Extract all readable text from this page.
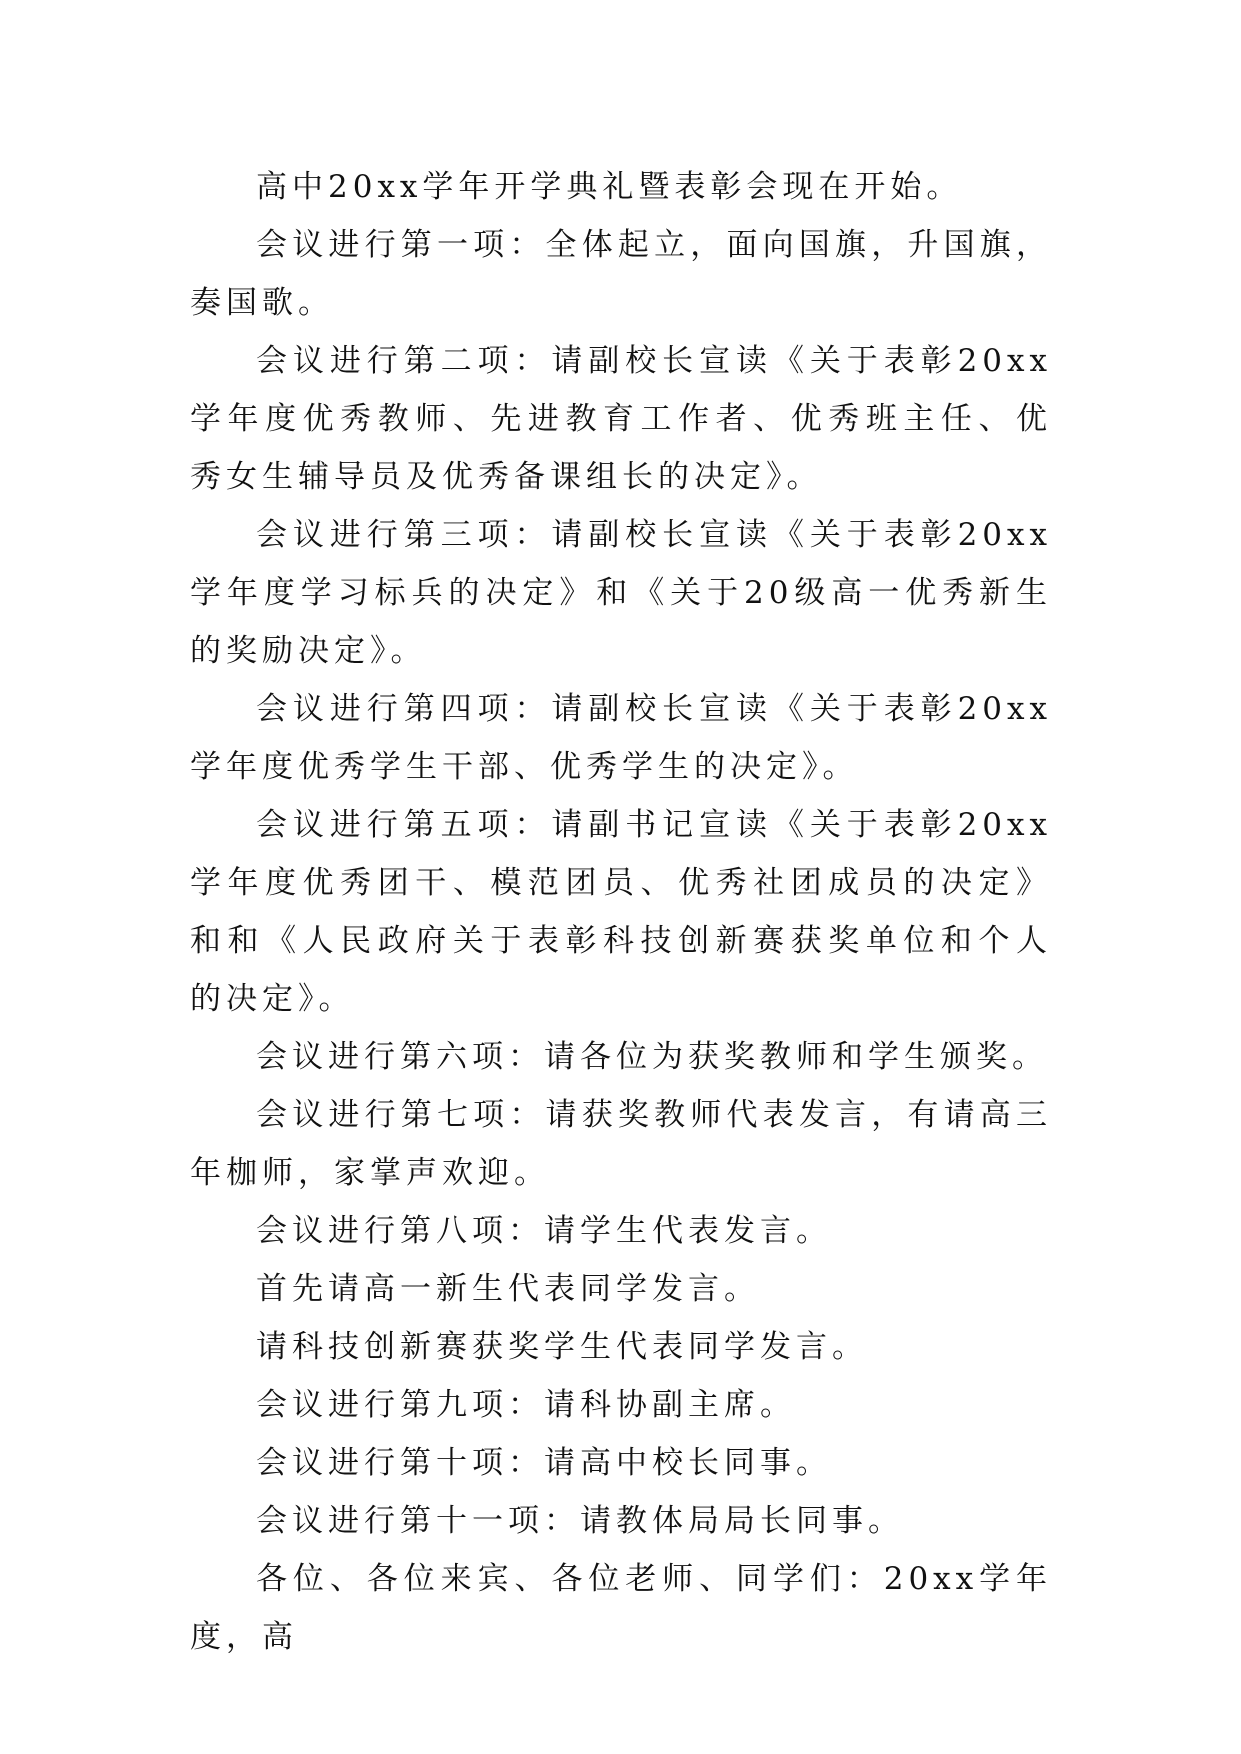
高中20xx学年开学典礼暨表彰会现在开始。

会议进行第一项：全体起立，面向国旗，升国旗，奏国歌。

会议进行第二项：请副校长宣读《关于表彰20xx学年度优秀教师、先进教育工作者、优秀班主任、优秀女生辅导员及优秀备课组长的决定》。

会议进行第三项：请副校长宣读《关于表彰20xx学年度学习标兵的决定》和《关于20级高一优秀新生的奖励决定》。

会议进行第四项：请副校长宣读《关于表彰20xx学年度优秀学生干部、优秀学生的决定》。

会议进行第五项：请副书记宣读《关于表彰20xx学年度优秀团干、模范团员、优秀社团成员的决定》和和《人民政府关于表彰科技创新赛获奖单位和个人的决定》。

会议进行第六项：请各位为获奖教师和学生颁奖。

会议进行第七项：请获奖教师代表发言，有请高三年枷师，家掌声欢迎。

会议进行第八项：请学生代表发言。

首先请高一新生代表同学发言。

请科技创新赛获奖学生代表同学发言。

会议进行第九项：请科协副主席。

会议进行第十项：请高中校长同事。

会议进行第十一项：请教体局局长同事。

各位、各位来宾、各位老师、同学们：20xx学年度，高
